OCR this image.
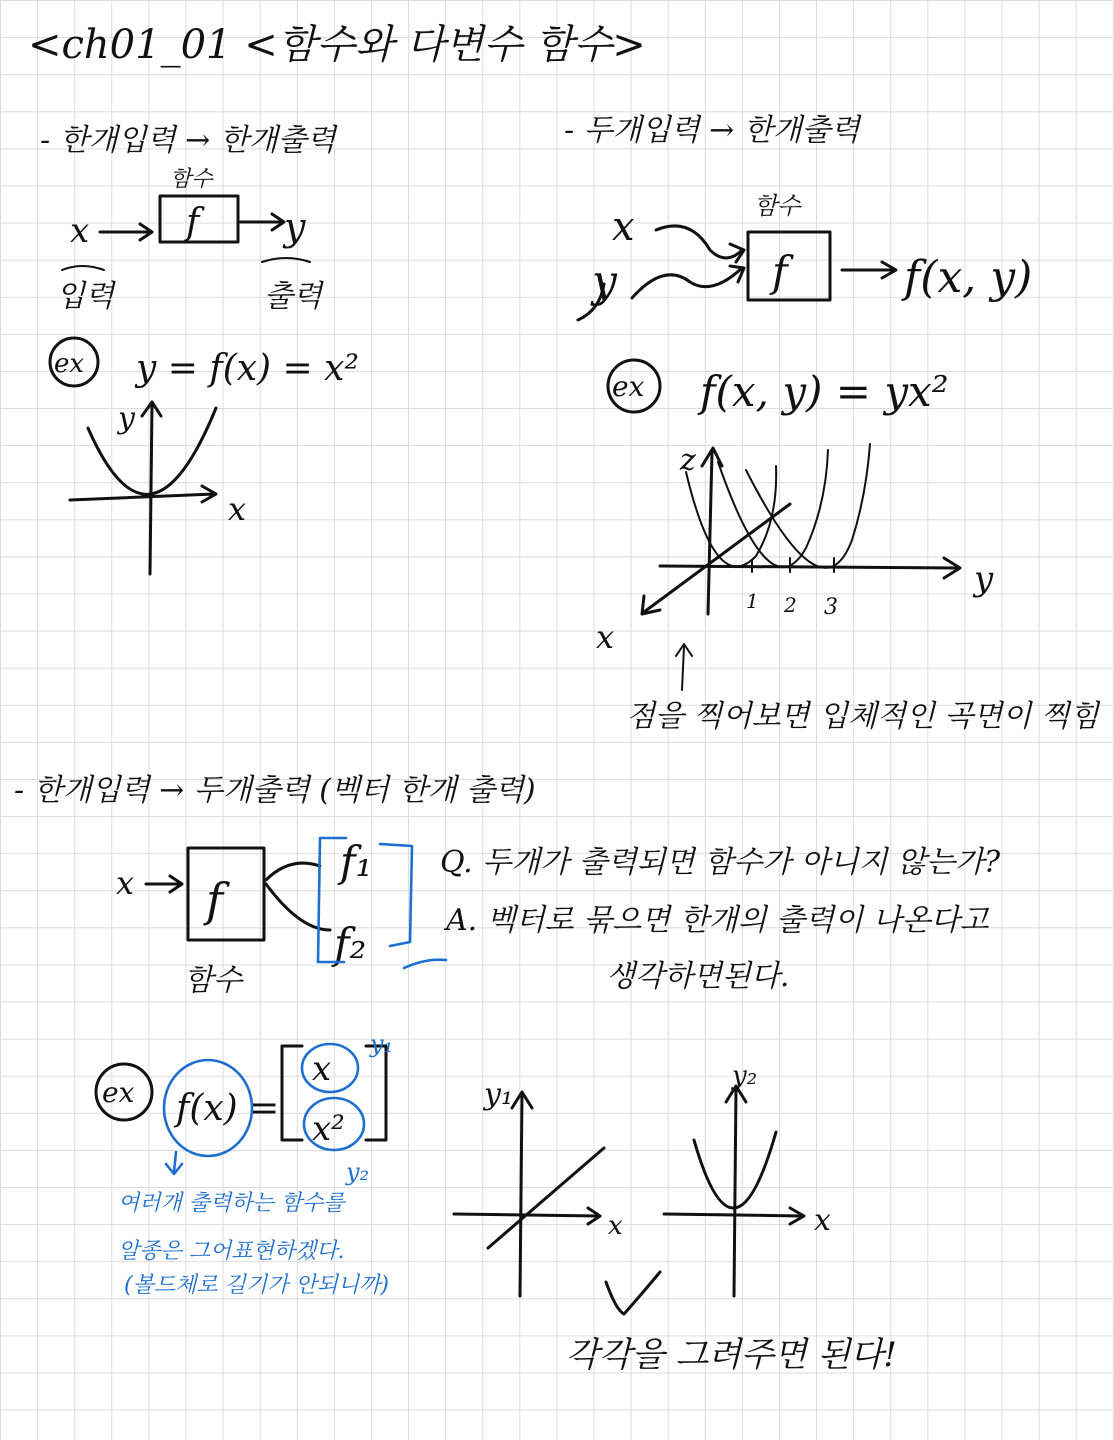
<ch01_01 <함수와 다변수 함수>
- 한개입력 → 한개출력
함수
x	f y
입력	출력
ex y = f(x) = x²
y
x
- 두개입력 → 한개출력
x
y
함수
f	f(x, y)
ex f(x, y) = yx²
z
y
x
1 2 3
점을 찍어보면 입체적인 곡면이 찍힘
- 한개입력 → 두개출력 (벡터 한개 출력)
x f
함수
f₁
f₂
Q. 두개가 출력되면 함수가 아니지 않는가?
A. 벡터로 묶으면 한개의 출력이 나온다고
생각하면된다.
ex f(x) =
x
x²
y₁
y₂
여러개 출력하는 함수를
알종은 그어표현하겠다.
(볼드체로 길기가 안되니까)
y₁
x
y₂
x
각각을 그려주면 된다!
